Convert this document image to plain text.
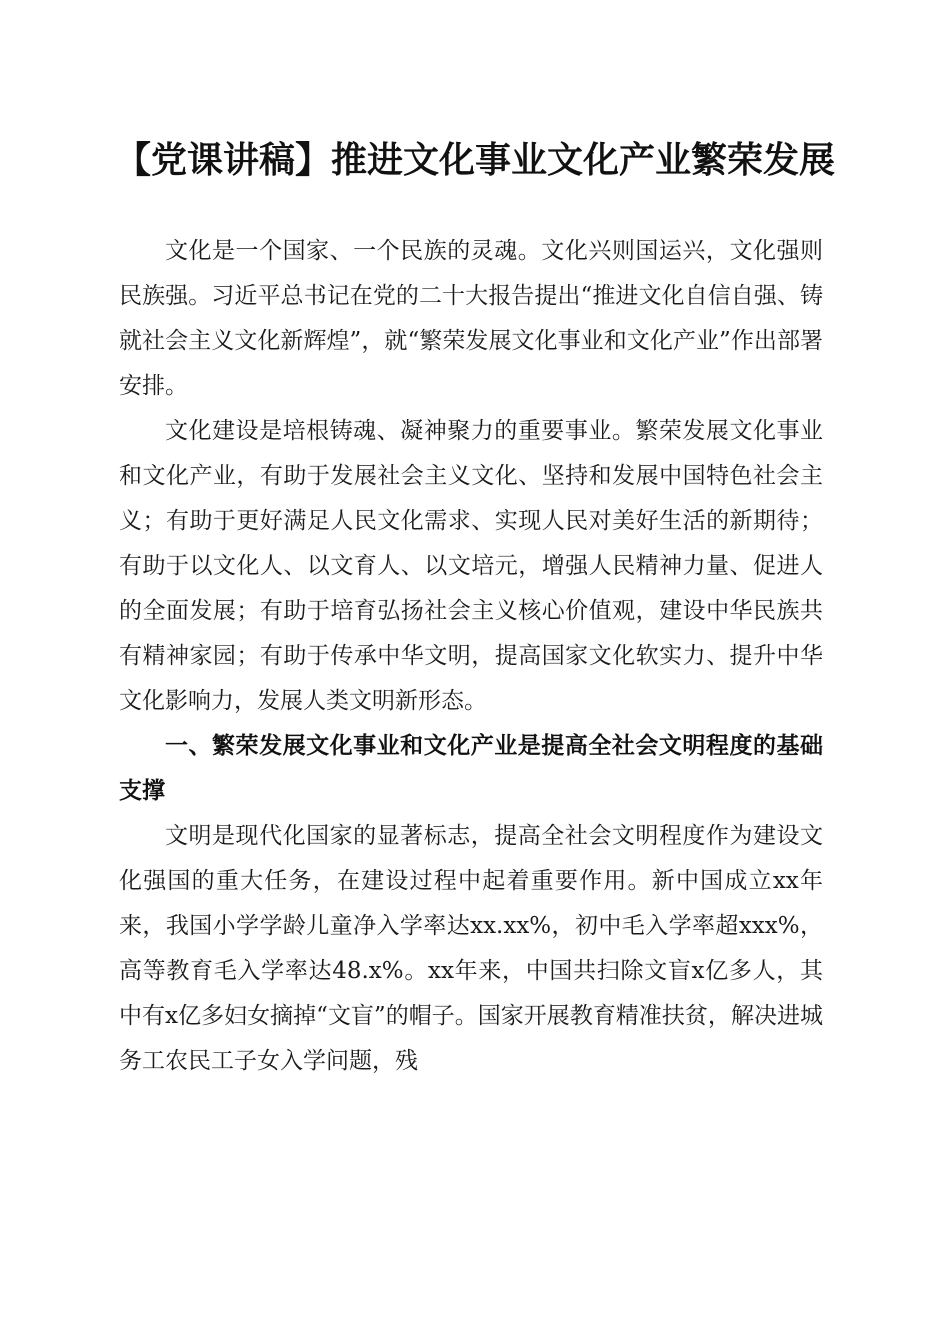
【党课讲稿】推进文化事业文化产业繁荣发展

文化是一个国家、一个民族的灵魂。文化兴则国运兴，文化强则民族强。习近平总书记在党的二十大报告提出“推进文化自信自强、铸就社会主义文化新辉煌”，就“繁荣发展文化事业和文化产业”作出部署安排。

文化建设是培根铸魂、凝神聚力的重要事业。繁荣发展文化事业和文化产业，有助于发展社会主义文化、坚持和发展中国特色社会主义；有助于更好满足人民文化需求、实现人民对美好生活的新期待；有助于以文化人、以文育人、以文培元，增强人民精神力量、促进人的全面发展；有助于培育弘扬社会主义核心价值观，建设中华民族共有精神家园；有助于传承中华文明，提高国家文化软实力、提升中华文化影响力，发展人类文明新形态。

一、繁荣发展文化事业和文化产业是提高全社会文明程度的基础支撑

文明是现代化国家的显著标志，提高全社会文明程度作为建设文化强国的重大任务，在建设过程中起着重要作用。新中国成立xx年来，我国小学学龄儿童净入学率达xx.xx%，初中毛入学率超xxx%，高等教育毛入学率达48.x%。xx年来，中国共扫除文盲x亿多人，其中有x亿多妇女摘掉“文盲”的帽子。国家开展教育精准扶贫，解决进城务工农民工子女入学问题，残
